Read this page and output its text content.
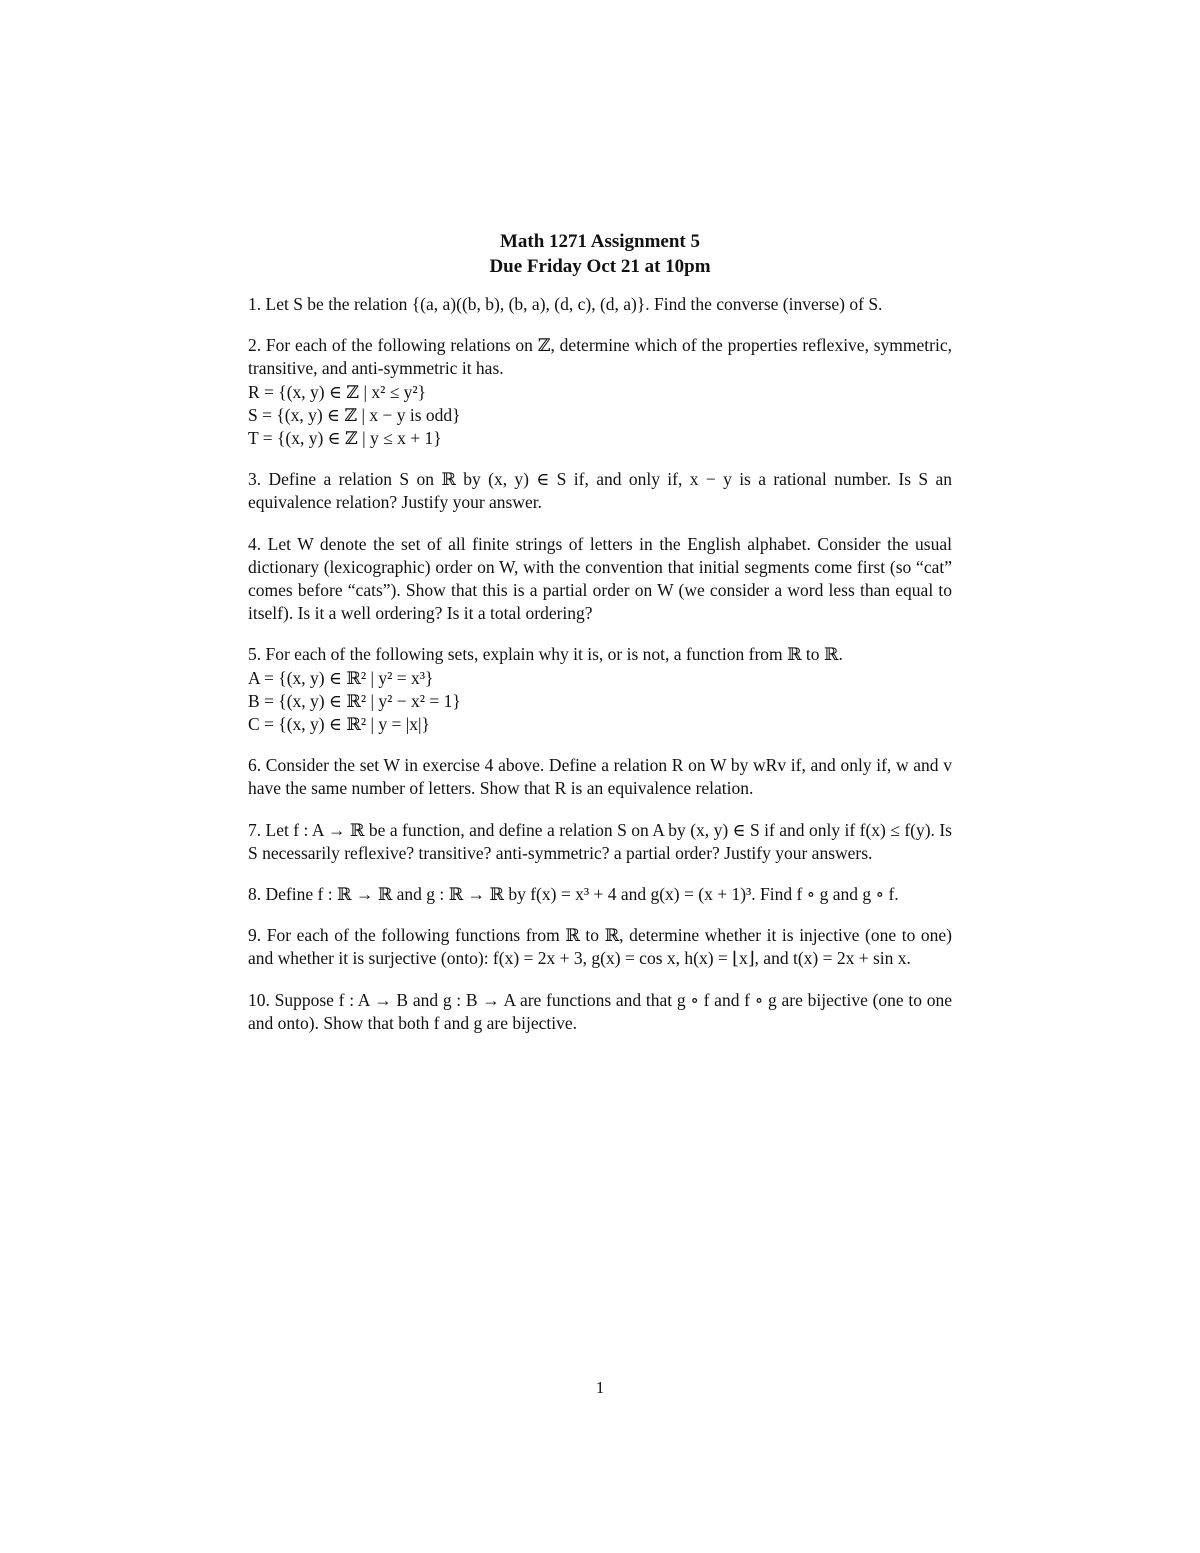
Math 1271 Assignment 5
Due Friday Oct 21 at 10pm
1. Let S be the relation {(a, a)((b, b), (b, a), (d, c), (d, a)}. Find the converse (inverse) of S.
2. For each of the following relations on ℤ, determine which of the properties reflexive, symmetric, transitive, and anti-symmetric it has.
R = {(x, y) ∈ ℤ | x² ≤ y²}
S = {(x, y) ∈ ℤ | x − y is odd}
T = {(x, y) ∈ ℤ | y ≤ x + 1}
3. Define a relation S on ℝ by (x, y) ∈ S if, and only if, x − y is a rational number. Is S an equivalence relation? Justify your answer.
4. Let W denote the set of all finite strings of letters in the English alphabet. Consider the usual dictionary (lexicographic) order on W, with the convention that initial segments come first (so “cat” comes before “cats”). Show that this is a partial order on W (we consider a word less than equal to itself). Is it a well ordering? Is it a total ordering?
5. For each of the following sets, explain why it is, or is not, a function from ℝ to ℝ.
A = {(x, y) ∈ ℝ² | y² = x³}
B = {(x, y) ∈ ℝ² | y² − x² = 1}
C = {(x, y) ∈ ℝ² | y = |x|}
6. Consider the set W in exercise 4 above. Define a relation R on W by wRv if, and only if, w and v have the same number of letters. Show that R is an equivalence relation.
7. Let f : A → ℝ be a function, and define a relation S on A by (x, y) ∈ S if and only if f(x) ≤ f(y). Is S necessarily reflexive? transitive? anti-symmetric? a partial order? Justify your answers.
8. Define f : ℝ → ℝ and g : ℝ → ℝ by f(x) = x³ + 4 and g(x) = (x + 1)³. Find f ∘ g and g ∘ f.
9. For each of the following functions from ℝ to ℝ, determine whether it is injective (one to one) and whether it is surjective (onto): f(x) = 2x + 3, g(x) = cos x, h(x) = ⌊x⌋, and t(x) = 2x + sin x.
10. Suppose f : A → B and g : B → A are functions and that g ∘ f and f ∘ g are bijective (one to one and onto). Show that both f and g are bijective.
1
